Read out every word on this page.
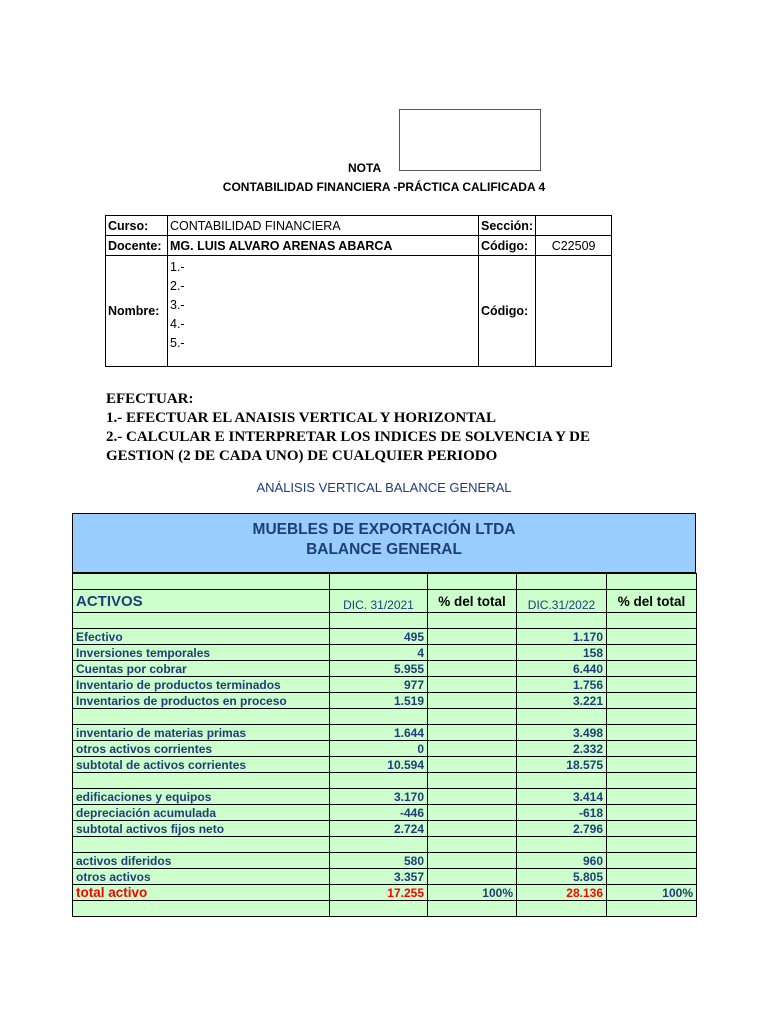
NOTA
CONTABILIDAD FINANCIERA -PRÁCTICA CALIFICADA 4
Curso:	CONTABILIDAD FINANCIERA	Sección:	
Docente:	MG. LUIS ALVARO ARENAS ABARCA	Código:	C22509
Nombre:	1.-
2.-
3.-
4.-
5.-	Código:	
EFECTUAR:
1.- EFECTUAR EL ANAISIS VERTICAL Y HORIZONTAL
2.- CALCULAR E INTERPRETAR LOS INDICES DE SOLVENCIA Y DE
GESTION (2 DE CADA UNO) DE CUALQUIER PERIODO
ANÁLISIS VERTICAL BALANCE GENERAL
MUEBLES DE EXPORTACIÓN LTDA
BALANCE GENERAL

ACTIVOS	DIC. 31/2021	% del total	DIC.31/2022	% del total

Efectivo	495		1.170	
Inversiones temporales	4		158	
Cuentas por cobrar	5.955		6.440	
Inventario de productos terminados	977		1.756	
Inventarios de productos en proceso	1.519		3.221	

inventario de materias primas	1.644		3.498	
otros activos corrientes	0		2.332	
subtotal de activos corrientes	10.594		18.575	

edificaciones y equipos	3.170		3.414	
depreciación acumulada	-446		-618	
subtotal activos fijos neto	2.724		2.796	

activos diferidos	580		960	
otros activos	3.357		5.805	
total activo	17.255	100%	28.136	100%
